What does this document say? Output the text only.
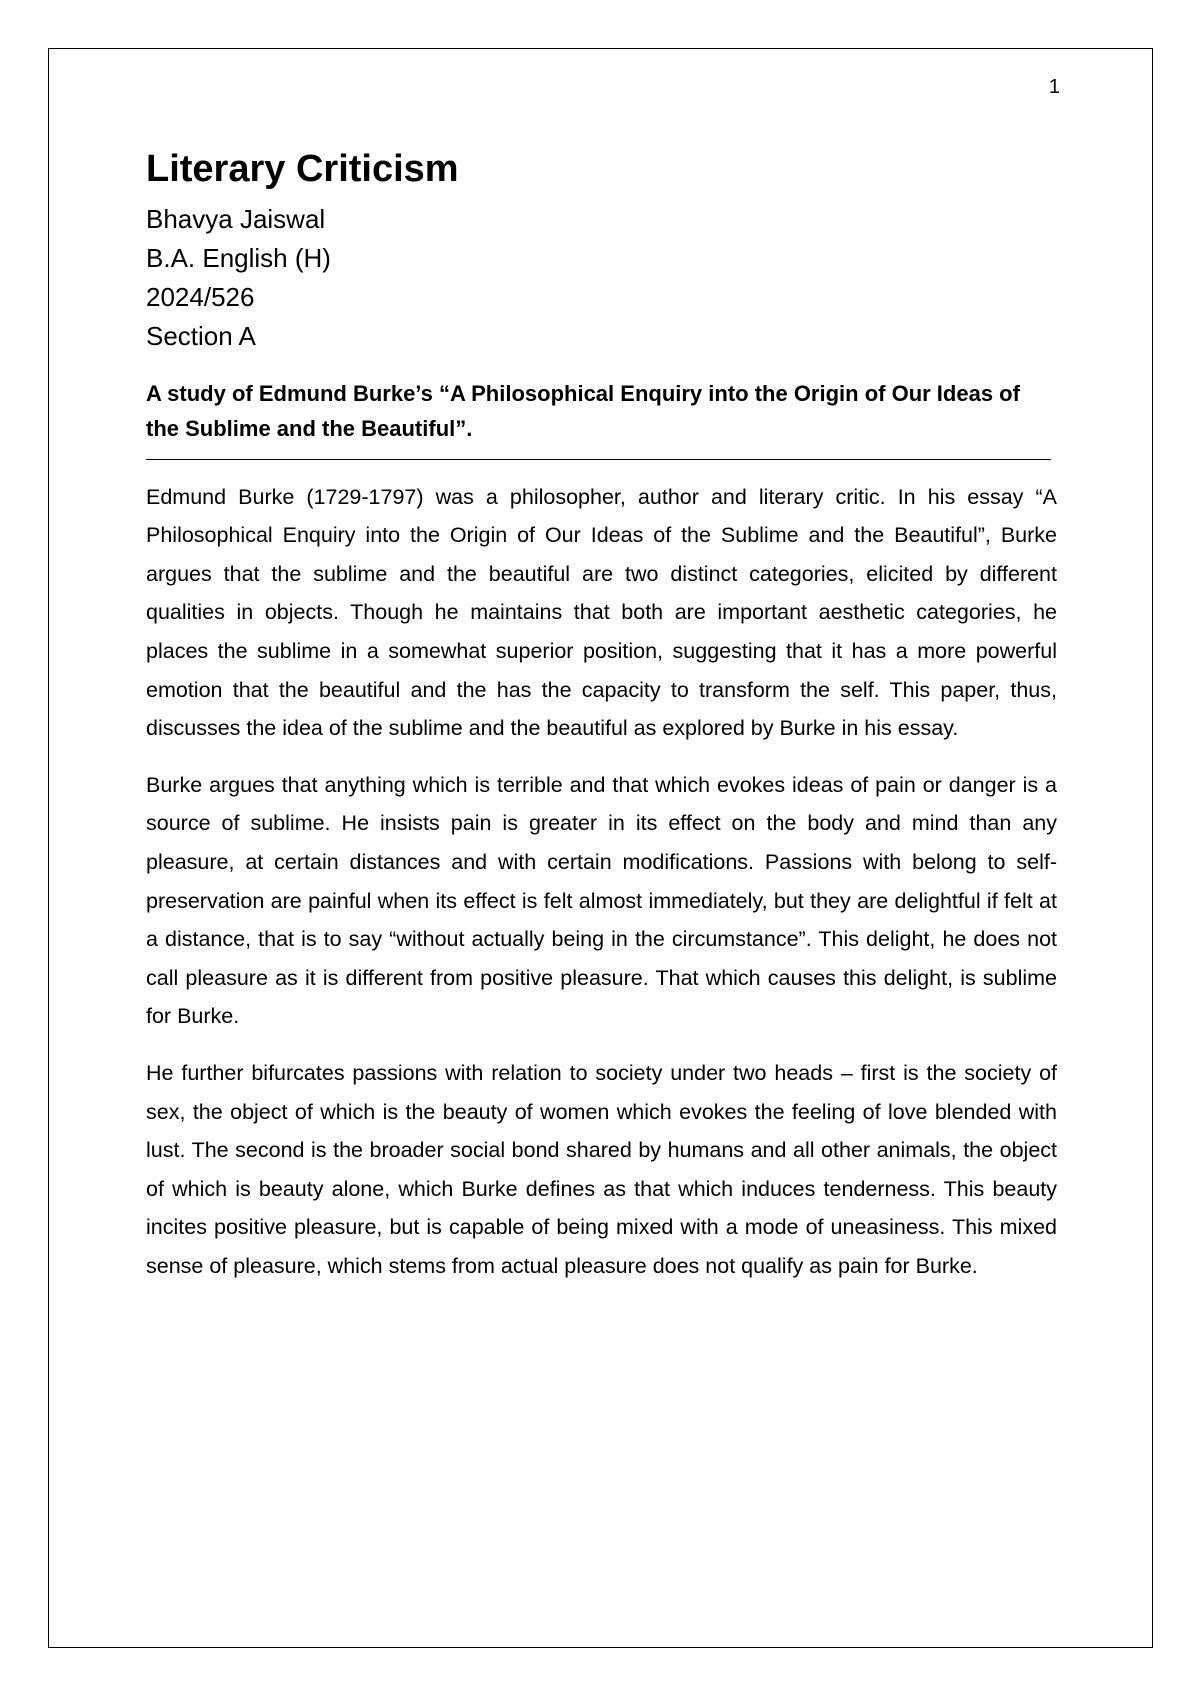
1
Literary Criticism
Bhavya Jaiswal
B.A. English (H)
2024/526
Section A
A study of Edmund Burke’s “A Philosophical Enquiry into the Origin of Our Ideas of the Sublime and the Beautiful”.

Edmund Burke (1729-1797) was a philosopher, author and literary critic. In his essay “A Philosophical Enquiry into the Origin of Our Ideas of the Sublime and the Beautiful”, Burke argues that the sublime and the beautiful are two distinct categories, elicited by different qualities in objects. Though he maintains that both are important aesthetic categories, he places the sublime in a somewhat superior position, suggesting that it has a more powerful emotion that the beautiful and the has the capacity to transform the self. This paper, thus, discusses the idea of the sublime and the beautiful as explored by Burke in his essay.

Burke argues that anything which is terrible and that which evokes ideas of pain or danger is a source of sublime. He insists pain is greater in its effect on the body and mind than any pleasure, at certain distances and with certain modifications. Passions with belong to self-preservation are painful when its effect is felt almost immediately, but they are delightful if felt at a distance, that is to say “without actually being in the circumstance”. This delight, he does not call pleasure as it is different from positive pleasure. That which causes this delight, is sublime for Burke.

He further bifurcates passions with relation to society under two heads – first is the society of sex, the object of which is the beauty of women which evokes the feeling of love blended with lust. The second is the broader social bond shared by humans and all other animals, the object of which is beauty alone, which Burke defines as that which induces tenderness. This beauty incites positive pleasure, but is capable of being mixed with a mode of uneasiness. This mixed sense of pleasure, which stems from actual pleasure does not qualify as pain for Burke.
